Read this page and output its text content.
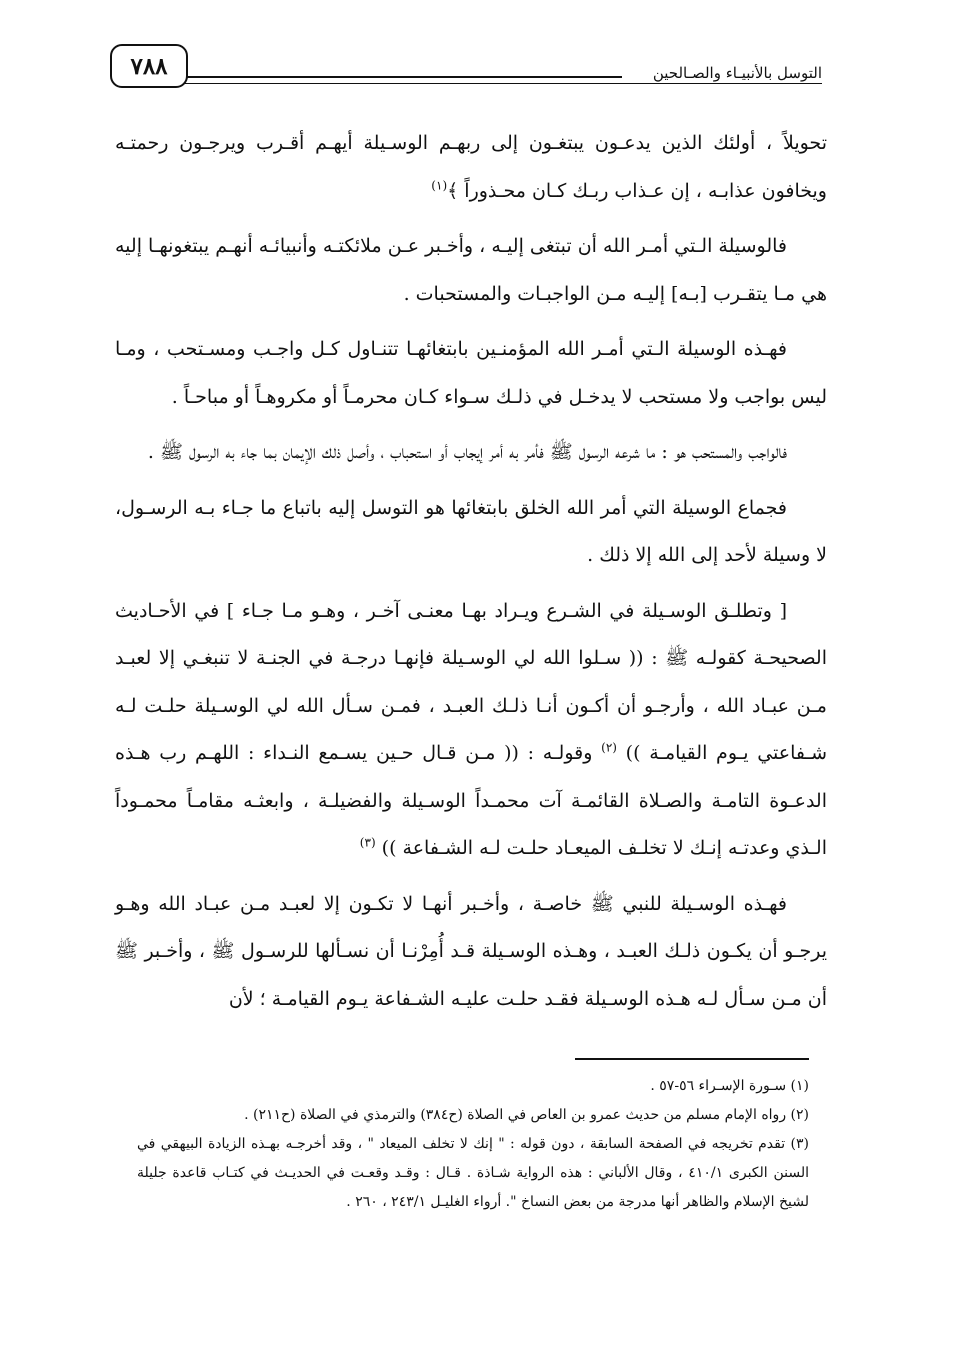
٧٨٨	التوسل بالأنبيـاء والصـالحين

تحويلاً ، أولئك الذين يدعـون يبتغـون إلى ربهـم الوسـيلة أيهـم أقـرب ويرجـون رحمتـه ويخافون عذابـه ، إن عـذاب ربـك كـان محـذوراً ﴾$^{(١)}$

فالوسيلة الـتي أمـر الله أن تبتغى إليـه ، وأخـبر عـن ملائكتـه وأنبيائـه أنهـم يبتغونهـا إليه هي مـا يتقـرب [بـه] إليـه مـن الواجبـات والمستحبات .

فهـذه الوسيلة الـتي أمـر الله المؤمنـين بابتغائهـا تتنـاول كـل واجـب ومسـتحب ، ومـا ليس بواجب ولا مستحب لا يدخـل في ذلـك سـواء كـان محرمـاً أو مكروهـاً أو مباحـاً .

فالواجب والمستحب هو : ما شرعه الرسول ﷺ فأمر به أمر إيجاب أو استحباب ، وأصل ذلك الإيمان بما جاء به الرسول ﷺ .

فجماع الوسيلة التي أمر الله الخلق بابتغائها هو التوسل إليه باتباع ما جـاء بـه الرسـول، لا وسيلة لأحد إلى الله إلا ذلك .

[ وتطلـق الوسـيلة في الشـرع ويـراد بهـا معنـى آخـر ، وهـو مـا جـاء ] في الأحـاديث الصحيحـة كقولـه ﷺ : (( سـلوا الله لي الوسـيلة فإنهـا درجـة في الجنـة لا تنبغـي إلا لعبـد مـن عبـاد الله ، وأرجـو أن أكـون أنـا ذلـك العبـد ، فمـن سـأل الله لي الوسـيلة حلـت لـه شـفاعتي يـوم القيامـة )) $^{(٢)}$ وقولـه : (( مـن قـال حـين يسـمع النـداء : اللهـم رب هـذه الدعـوة التامـة والصـلاة القائمـة آت محمـداً الوسـيلة والفضيلـة ، وابعثـه مقامـاً محمـوداً الـذي وعدتـه إنـك لا تخلـف الميعـاد حلـت لـه الشـفاعة )) $^{(٣)}$

فهـذه الوسـيلة للنبي ﷺ خاصـة ، وأخـبر أنهـا لا تكـون إلا لعبـد مـن عبـاد الله وهـو يرجـو أن يكـون ذلـك العبـد ، وهـذه الوسـيلة قـد أُمِرْنـا أن نسـألها للرسـول ﷺ ، وأخـبر ﷺ أن مـن سـأل لـه هـذه الوسـيلة فقـد حلـت عليـه الشـفاعة يـوم القيامـة ؛ لأن

(١) سـورة الإسـراء ٥٦-٥٧ .

(٢) رواه الإمام مسلم من حديث عمرو بن العاص في الصلاة (ح٣٨٤) والترمذي في الصلاة (ح٢١١) .

(٣) تقدم تخريجه في الصفحة السابقة ، دون قوله : " إنك لا تخلف الميعاد " ، وقد أخرجـه بهـذه الزيادة البيهقي في السنن الكبرى ٤١٠/١ ، وقال الألباني : هذه الرواية شـاذة . قـال : وقـد وقعـت في الحديـث في كتـاب قاعدة جليلة لشيخ الإسلام والظاهر أنها مدرجة من بعض النساخ ". أرواء الغليـل ٢٤٣/١ ، ٢٦٠ .
